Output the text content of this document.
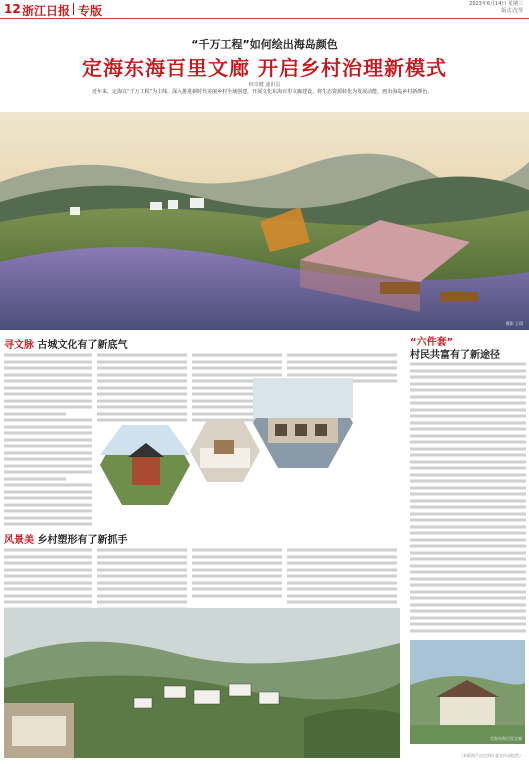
12 浙江日报 专版	2023年6月14日 星期三
版式:沈琴
“千万工程”如何绘出海岛颜色
定海东海百里文廊 开启乡村治理新模式
何奇健 通讯员
近年来，定海以“千万工程”为主线，深入推进新时代美丽乡村全域创建，开展文化东海百里文廊建设，将生态资源转化为发展动能，画出海岛乡村新颜色。
摄影 王琪
寻文脉 古城文化有了新底气
风景美 乡村塑形有了新抓手
“六件套”
村民共富有了新途径
定海东海百里文廊
（本版图片由定海区委宣传部提供）
